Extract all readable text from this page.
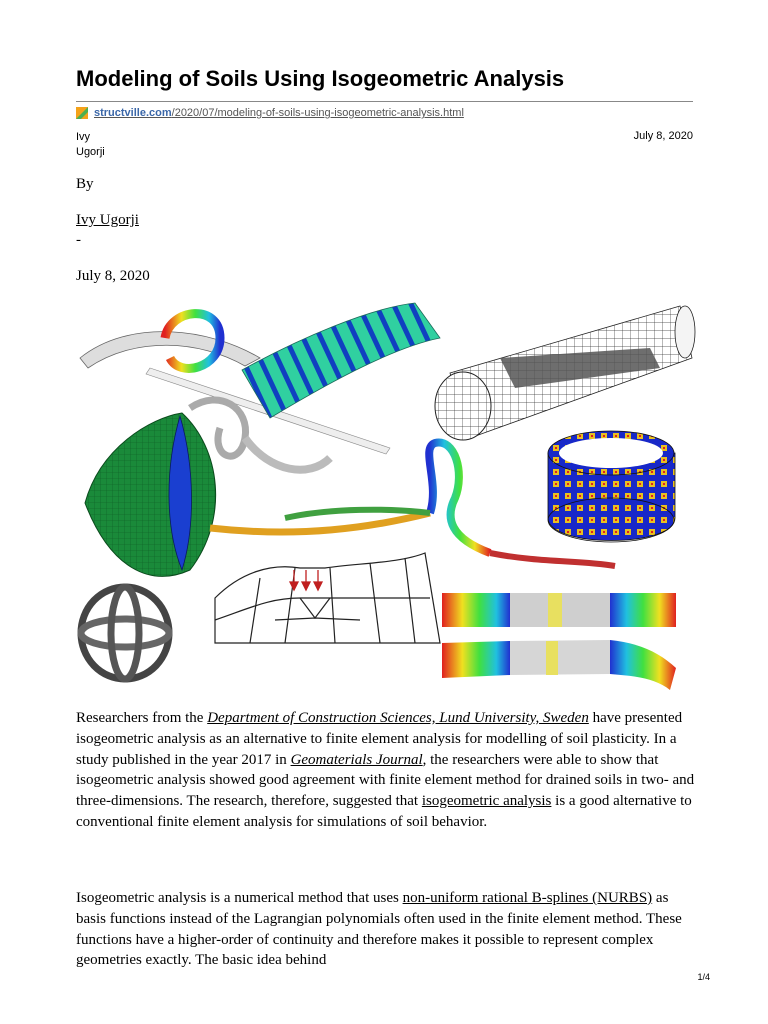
Modeling of Soils Using Isogeometric Analysis
structville.com/2020/07/modeling-of-soils-using-isogeometric-analysis.html
Ivy
Ugorji
July 8, 2020
By
Ivy Ugorji
-
July 8, 2020

Researchers from the Department of Construction Sciences, Lund University, Sweden have presented isogeometric analysis as an alternative to finite element analysis for modelling of soil plasticity. In a study published in the year 2017 in Geomaterials Journal, the researchers were able to show that isogeometric analysis showed good agreement with finite element method for drained soils in two- and three-dimensions. The research, therefore, suggested that isogeometric analysis is a good alternative to conventional finite element analysis for simulations of soil behavior.

Isogeometric analysis is a numerical method that uses non-uniform rational B-splines (NURBS) as basis functions instead of the Lagrangian polynomials often used in the finite element method. These functions have a higher-order of continuity and therefore makes it possible to represent complex geometries exactly. The basic idea behind

1/4
